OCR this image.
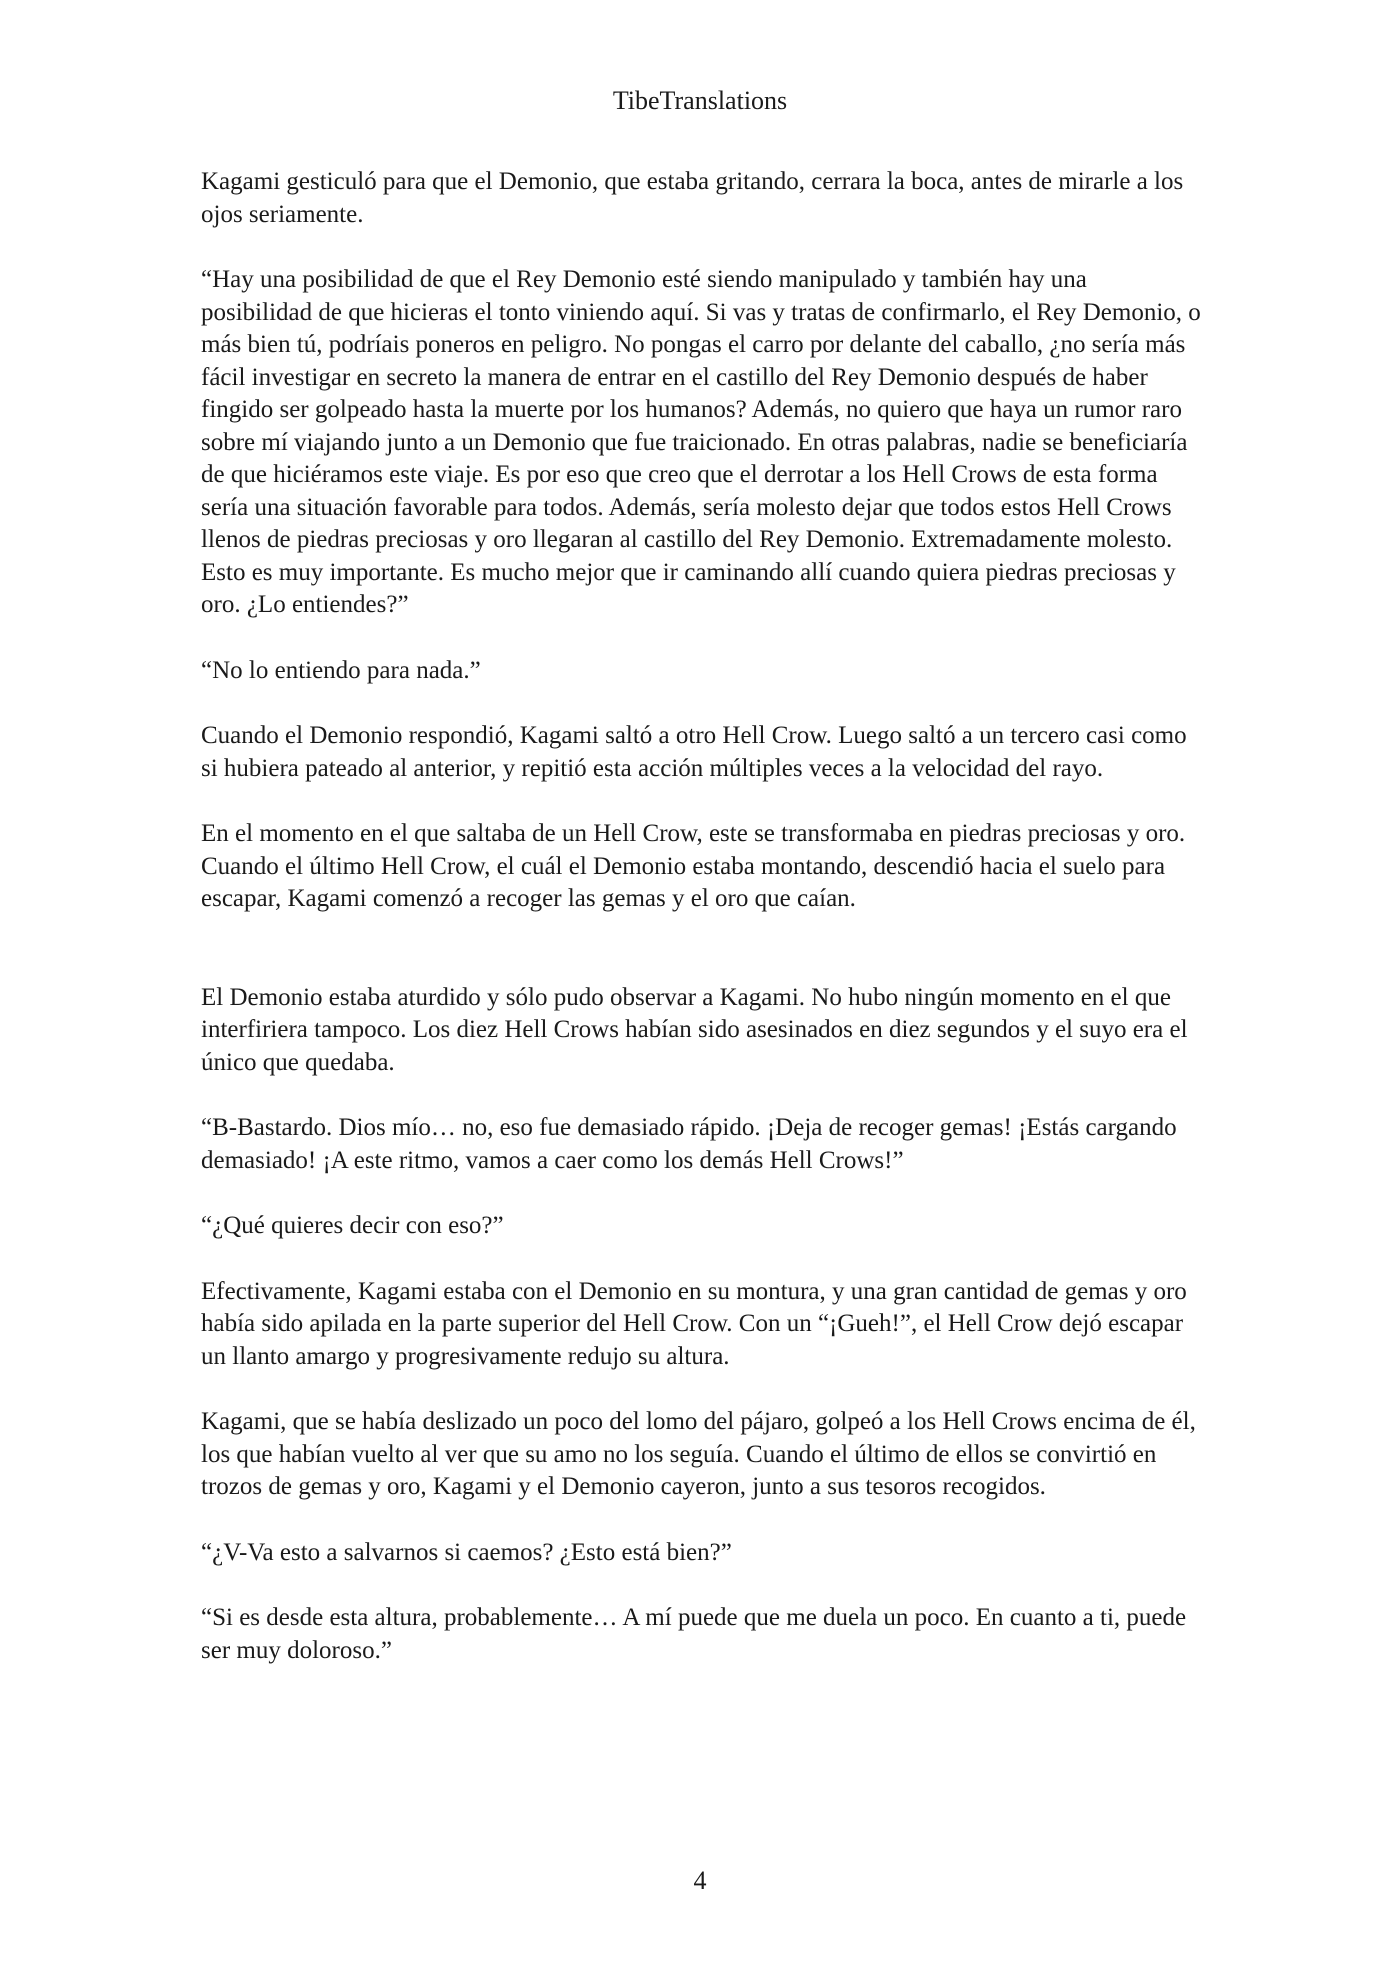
TibeTranslations

Kagami gesticuló para que el Demonio, que estaba gritando, cerrara la boca, antes de mirarle a los ojos seriamente.

“Hay una posibilidad de que el Rey Demonio esté siendo manipulado y también hay una posibilidad de que hicieras el tonto viniendo aquí. Si vas y tratas de confirmarlo, el Rey Demonio, o más bien tú, podríais poneros en peligro. No pongas el carro por delante del caballo, ¿no sería más fácil investigar en secreto la manera de entrar en el castillo del Rey Demonio después de haber fingido ser golpeado hasta la muerte por los humanos? Además, no quiero que haya un rumor raro sobre mí viajando junto a un Demonio que fue traicionado. En otras palabras, nadie se beneficiaría de que hiciéramos este viaje. Es por eso que creo que el derrotar a los Hell Crows de esta forma sería una situación favorable para todos. Además, sería molesto dejar que todos estos Hell Crows llenos de piedras preciosas y oro llegaran al castillo del Rey Demonio. Extremadamente molesto. Esto es muy importante. Es mucho mejor que ir caminando allí cuando quiera piedras preciosas y oro. ¿Lo entiendes?”

“No lo entiendo para nada.”

Cuando el Demonio respondió, Kagami saltó a otro Hell Crow. Luego saltó a un tercero casi como si hubiera pateado al anterior, y repitió esta acción múltiples veces a la velocidad del rayo.

En el momento en el que saltaba de un Hell Crow, este se transformaba en piedras preciosas y oro. Cuando el último Hell Crow, el cuál el Demonio estaba montando, descendió hacia el suelo para escapar, Kagami comenzó a recoger las gemas y el oro que caían.

El Demonio estaba aturdido y sólo pudo observar a Kagami. No hubo ningún momento en el que interfiriera tampoco. Los diez Hell Crows habían sido asesinados en diez segundos y el suyo era el único que quedaba.

“B-Bastardo. Dios mío… no, eso fue demasiado rápido. ¡Deja de recoger gemas! ¡Estás cargando demasiado! ¡A este ritmo, vamos a caer como los demás Hell Crows!”

“¿Qué quieres decir con eso?”

Efectivamente, Kagami estaba con el Demonio en su montura, y una gran cantidad de gemas y oro había sido apilada en la parte superior del Hell Crow. Con un “¡Gueh!”, el Hell Crow dejó escapar un llanto amargo y progresivamente redujo su altura.

Kagami, que se había deslizado un poco del lomo del pájaro, golpeó a los Hell Crows encima de él, los que habían vuelto al ver que su amo no los seguía. Cuando el último de ellos se convirtió en trozos de gemas y oro, Kagami y el Demonio cayeron, junto a sus tesoros recogidos.

“¿V-Va esto a salvarnos si caemos? ¿Esto está bien?”

“Si es desde esta altura, probablemente… A mí puede que me duela un poco. En cuanto a ti, puede ser muy doloroso.”

4
